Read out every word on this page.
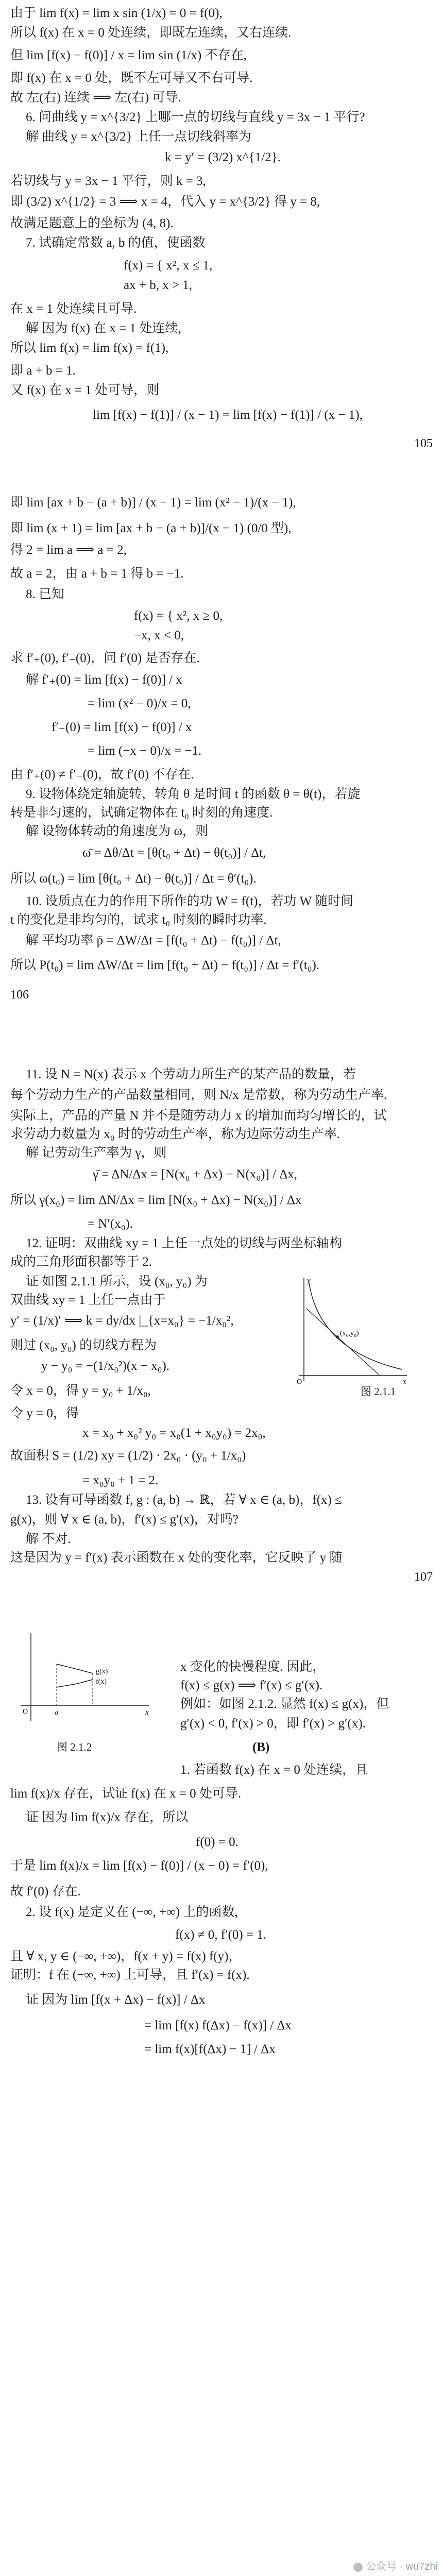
由于 lim f(x) = lim x sin (1/x) = 0 = f(0),
所以 f(x) 在 x = 0 处连续，即既左连续，又右连续.
但 lim [f(x) − f(0)] / x = lim sin (1/x) 不存在,
即 f(x) 在 x = 0 处，既不左可导又不右可导.
故 左(右) 连续 ⟹ 左(右) 可导.
6. 问曲线 y = x^{3/2} 上哪一点的切线与直线 y = 3x − 1 平行?
解 曲线 y = x^{3/2} 上任一点切线斜率为
k = y′ = (3/2) x^{1/2}.
若切线与 y = 3x − 1 平行，则 k = 3,
即 (3/2) x^{1/2} = 3 ⟹ x = 4，代入 y = x^{3/2} 得 y = 8,
故满足题意上的坐标为 (4, 8).
7. 试确定常数 a, b 的值，使函数
f(x) = { x², x ≤ 1,
ax + b, x > 1,
在 x = 1 处连续且可导.
解 因为 f(x) 在 x = 1 处连续,
所以 lim f(x) = lim f(x) = f(1),
即 a + b = 1.
又 f(x) 在 x = 1 处可导，则
lim [f(x) − f(1)] / (x − 1) = lim [f(x) − f(1)] / (x − 1),
105
即 lim [ax + b − (a + b)] / (x − 1) = lim (x² − 1)/(x − 1),
即 lim (x + 1) = lim [ax + b − (a + b)]/(x − 1) (0/0 型),
得 2 = lim a ⟹ a = 2,
故 a = 2，由 a + b = 1 得 b = −1.
8. 已知
f(x) = { x², x ≥ 0,
−x, x < 0,
求 f′₊(0), f′₋(0)，问 f′(0) 是否存在.
解 f′₊(0) = lim [f(x) − f(0)] / x
= lim (x² − 0)/x = 0,
f′₋(0) = lim [f(x) − f(0)] / x
= lim (−x − 0)/x = −1.
由 f′₊(0) ≠ f′₋(0)，故 f′(0) 不存在.
9. 设物体绕定轴旋转，转角 θ 是时间 t 的函数 θ = θ(t)，若旋
转是非匀速的，试确定物体在 t₀ 时刻的角速度.
解 设物体转动的角速度为 ω，则
ω̄ = Δθ/Δt = [θ(t₀ + Δt) − θ(t₀)] / Δt,
所以 ω(t₀) = lim [θ(t₀ + Δt) − θ(t₀)] / Δt = θ′(t₀).
10. 设质点在力的作用下所作的功 W = f(t)，若功 W 随时间
t 的变化是非均匀的，试求 t₀ 时刻的瞬时功率.
解 平均功率 p̄ = ΔW/Δt = [f(t₀ + Δt) − f(t₀)] / Δt,
所以 P(t₀) = lim ΔW/Δt = lim [f(t₀ + Δt) − f(t₀)] / Δt = f′(t₀).
106
11. 设 N = N(x) 表示 x 个劳动力所生产的某产品的数量，若
每个劳动力生产的产品数量相同，则 N/x 是常数，称为劳动生产率.
实际上，产品的产量 N 并不是随劳动力 x 的增加而均匀增长的，试
求劳动力数量为 x₀ 时的劳动生产率，称为边际劳动生产率.
解 记劳动生产率为 γ，则
γ̄ = ΔN/Δx = [N(x₀ + Δx) − N(x₀)] / Δx,
所以 γ(x₀) = lim ΔN/Δx = lim [N(x₀ + Δx) − N(x₀)] / Δx
= N′(x₀).
12. 证明：双曲线 xy = 1 上任一点处的切线与两坐标轴构
成的三角形面积都等于 2.
证 如图 2.1.1 所示，设 (x₀, y₀) 为
双曲线 xy = 1 上任一点由于
y′ = (1/x)′ ⟹ k = dy/dx |_{x=x₀} = −1/x₀²,
则过 (x₀, y₀) 的切线方程为
y − y₀ = −(1/x₀²)(x − x₀).
令 x = 0，得 y = y₀ + 1/x₀,
令 y = 0，得
x = x₀ + x₀² y₀ = x₀(1 + x₀y₀) = 2x₀,
故面积 S = (1/2) xy = (1/2) · 2x₀ · (y₀ + 1/x₀)
= x₀y₀ + 1 = 2.
13. 设有可导函数 f, g : (a, b) → ℝ，若 ∀ x ∈ (a, b)，f(x) ≤
g(x)，则 ∀ x ∈ (a, b)，f′(x) ≤ g′(x)，对吗?
解 不对.
这是因为 y = f′(x) 表示函数在 x 处的变化率，它反映了 y 随
107
x 变化的快慢程度. 因此，
f(x) ≤ g(x) ⟹ f′(x) ≤ g′(x).
例如：如图 2.1.2. 显然 f(x) ≤ g(x)，但
g′(x) < 0, f′(x) > 0，即 f′(x) > g′(x).
(B)
1. 若函数 f(x) 在 x = 0 处连续，且
lim f(x)/x 存在，试证 f(x) 在 x = 0 处可导.
证 因为 lim f(x)/x 存在，所以
f(0) = 0.
于是 lim f(x)/x = lim [f(x) − f(0)] / (x − 0) = f′(0),
故 f′(0) 存在.
2. 设 f(x) 是定义在 (−∞, +∞) 上的函数,
f(x) ≠ 0, f′(0) = 1.
且 ∀ x, y ∈ (−∞, +∞)，f(x + y) = f(x) f(y)，
证明：f 在 (−∞, +∞) 上可导，且 f′(x) = f(x).
证 因为 lim [f(x + Δx) − f(x)] / Δx
= lim [f(x) f(Δx) − f(x)] / Δx
= lim f(x)[f(Δx) − 1] / Δx
(x₀,y₀)
x
y
O
图 2.1.1
g(x)
f(x)
O	x
a
图 2.1.2
公众号 · wu7zhi
